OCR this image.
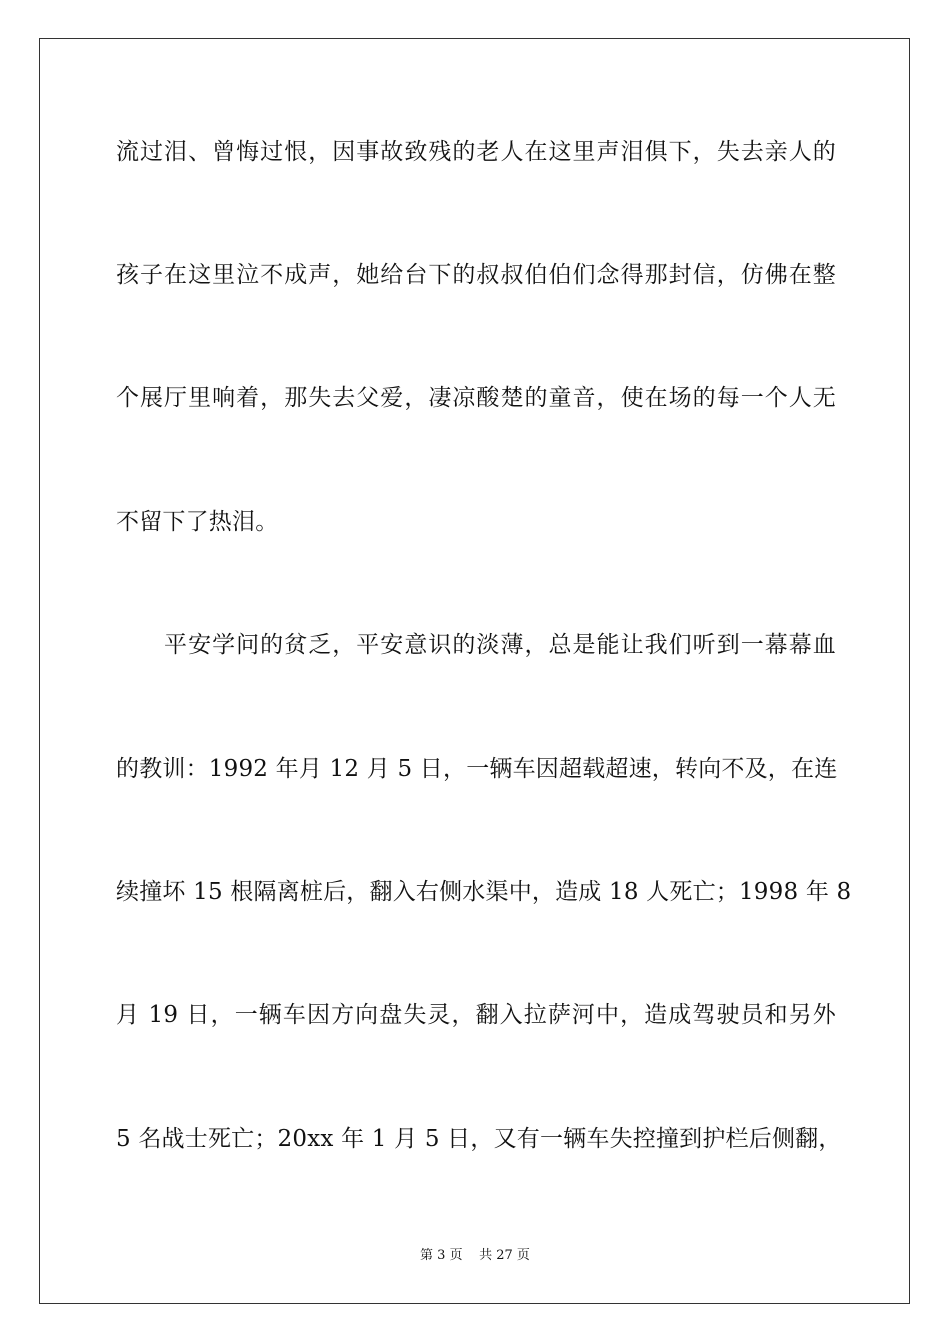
流过泪、曾悔过恨，因事故致残的老人在这里声泪俱下，失去亲人的
孩子在这里泣不成声，她给台下的叔叔伯伯们念得那封信，仿佛在整
个展厅里响着，那失去父爱，凄凉酸楚的童音，使在场的每一个人无
不留下了热泪。
　　平安学问的贫乏，平安意识的淡薄，总是能让我们听到一幕幕血
的教训：1992 年月 12 月 5 日，一辆车因超载超速，转向不及，在连
续撞坏 15 根隔离桩后，翻入右侧水渠中，造成 18 人死亡；1998 年 8
月 19 日，一辆车因方向盘失灵，翻入拉萨河中，造成驾驶员和另外
5 名战士死亡；20xx 年 1 月 5 日，又有一辆车失控撞到护栏后侧翻，
第 3 页 共 27 页
